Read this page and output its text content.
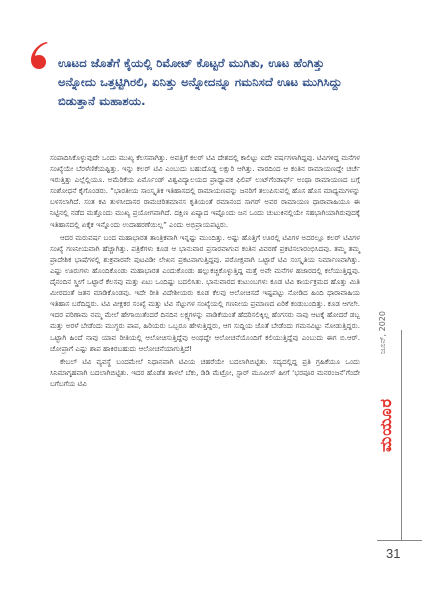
ಊಟದ ಜೊತೆಗೆ ಕೈಯಲ್ಲಿ ರಿಮೋಟ್ ಕೊಟ್ಟರೆ ಮುಗಿತು, ಊಟ ಹೆಂಗಿತ್ತು ಅನ್ನೋದು ಒತ್ತಟ್ಟಿಗಿರಲಿ, ಏನಿತ್ತು ಅನ್ನೋದನ್ನೂ ಗಮನಿಸದೆ ಊಟ ಮುಗಿಸಿದ್ದು ಬಿಡುತ್ತಾನೆ ಮಹಾಶಯ.

ಸಂಪಾದಿಸಿಕೊಳ್ಳುವುದೇ ಒಂದು ಮುಖ್ಯ ಕೆಲಸವಾಗಿತ್ತು. ಅವತ್ತಿಗೆ ಕಲರ್ ಟಿವಿ ದೇಶದಲ್ಲಿ ಕಾಲಿಟ್ಟು ಐದೇ ವರ್ಷಗಳಾಗಿದ್ದವು. ಟಿವಿಗಳಿದ್ದ ಮನೆಗಳ ಸಂಖ್ಯೆಯೇ ಬೆರಳೆಣಿಕೆಯಷ್ಟಿತ್ತು. ಇನ್ನು ಕಲರ್ ಟಿವಿ ಎಂಬುದು ಬಹುದೊಡ್ಡ ಲಕ್ಷುರಿ ಆಗಿತ್ತು. ವಾರದಿಂದ ಆ ಕಂತಿನ ರಾಮಾಯಣದ್ದೇ ಚರ್ಚೆ ಇರುತ್ತಿತ್ತು ಎಲ್ಲೆಲ್ಲಿಯೂ. ಅಮೆರಿಕೆಯ ಏರ್ಮೊಂಡ್ ವಿಶ್ವವಿದ್ಯಾಲಯದ ಪ್ರಾಧ್ಯಾಪಕ ಫಿಲಿಪ್ ಲುಟ್‌ಗೆಂಡಾರ್ಫ್ ಅಂಥಾ ರಾಮಾಯಣದ ಬಗ್ಗೆ ಸಂಶೋಧನೆ ಕೈಗೊಂಡರು. “ಭಾರತೀಯ ಸಾಂಸ್ಕೃತಿಕ ಇತಿಹಾಸದಲ್ಲಿ ರಾಮಾಯಣವನ್ನು ಜನರಿಗೆ ತಲುಪಿಸುವಲ್ಲಿ ಹೊಸ ಹೊಸ ಮಾಧ್ಯಮಗಳನ್ನು ಬಳಸಲಾಗಿದೆ. ಸಂತ ಕವಿ ತುಳಸೀದಾಸರ ರಾಮಚರಿತಮಾನಸ ಕೃತಿಯಂತೆ ರಮಾನಂದ ಸಾಗರ್ ಅವರ ರಾಮಾಯಣ ಧಾರಾವಾಹಿಯೂ ಈ ನಿಟ್ಟಿನಲ್ಲಿ ನಡೆದ ಮತ್ತೊಂದು ಮುಖ್ಯ ಪ್ರಯೋಗವಾಗಿದೆ. ದಕ್ಷಿಣ ಏಷ್ಯಾದ ಇಷ್ಟೊಂದು ಜನ ಒಂದು ಚುಟುಕಿನಲ್ಲಿಯೇ ಸಹಭಾಗಿಯಾಗಿರುವುದಕ್ಕೆ ಇತಿಹಾಸದಲ್ಲಿ ಏಕೈಕ ಇನ್ನೊಂದು ಉದಾಹರಣೆಯಿಲ್ಲ” ಎಂದು ಅಭಿಪ್ರಾಯಪಟ್ಟರು.

ಆದರ ಮರುವರ್ಷ ಬಂದ ಮಹಾಭಾರತ ತಾಂತ್ರಿಕವಾಗಿ ಇನ್ನಷ್ಟು ಮುಂದಿತ್ತು. ಅಷ್ಟು ಹೊತ್ತಿಗೆ ಊರಲ್ಲಿ ಟಿವಿಗಳ ಅದರಲ್ಲೂ ಕಲರ್ ಟಿವಿಗಳ ಸಂಖ್ಯೆ ಗಣನೀಯವಾಗಿ ಹೆಚ್ಚಾಗಿತ್ತು. ಪತ್ರಿಕೆಗಳು ಕೂಡ ಆ ಭಾನುವಾರ ಪ್ರಸಾರವಾಗುವ ಕಂತಿನ ವಿವರಣೆ ಪ್ರಕಟಿಸಲಾರಂಭಿಸಿದವು. ತಮ್ಮ ತಮ್ಮ ಪ್ರಾದೇಶಿಕ ಭಾಷೆಗಳಲ್ಲಿ ಶುಕ್ರವಾರವೇ ಪುಟವಿಡೀ ಲೇಖನ ಪ್ರಕಟವಾಗುತ್ತಿದ್ದವು. ಪರೋಕ್ಷವಾಗಿ ಒಟ್ಟಾರೆ ಟಿವಿ ಸಂಸ್ಕೃತಿಯ ನಿರ್ಮಾಣವಾಗಿತ್ತು. ಎಷ್ಟು ಊರುಗಳು ಹೊಂದಿಕೊಂಡು ಮಹಾಭಾರತ ಎಂದುಕೊಂಡು ಹಲ್ಲುಕಚ್ಚಿಕೊಳ್ಳುತ್ತಿದ್ದ ಮತ್ತೆ ಅವೇ ಮನೆಗಳ ಹಜಾರದಲ್ಲಿ ಕಲೆಯುತ್ತಿದ್ದವು. ದೈನಂದಿನ ಸ್ತ್ರೀಗೆ ಒಟ್ಟಾರೆ ಕೆಲಸವು ಮತ್ತು ಏಟು ಒಂದಿಷ್ಟು ಬದಲಿಸಿತು. ಭಾನುವಾರದ ಕುಟುಂಬಗಳು ಕೂಡ ಟಿವಿ ಕಾರ್ಯಕ್ರಮದ ಹೊತ್ತು ಮಿತಿ ಮೀರದಂತೆ ಜತನ ಮಾಡಿಕೊಂಡವು. ಇದೇ ರೀತಿ ವಿದೇಶೀಯರು ಕೂಡ ಕೆಲವು ಆಲೋಚಿಸದೆ ಇಷ್ಟಪಟ್ಟು ನೋಡಿದ ಹಿಂದಿ ಧಾರಾವಾಹಿಯ ಇತಿಹಾಸ ಬರೆದಿದ್ದರು. ಟಿವಿ ವೀಕ್ಷಕರ ಸಂಖ್ಯೆ ಮತ್ತು ಟಿವಿ ಸೆಟ್ಟುಗಳ ಸಂಖ್ಯೆಯಲ್ಲಿ ಗಣನೀಯ ಪ್ರಮಾಣದ ಏರಿಕೆ ಕಂಡುಬಂದಿತ್ತು. ಕೂಡ ಆಗಲೇ. ಇದರ ಪರಿಣಾಮ ನಮ್ಮ ಮೇಲೆ ಹೇಗಾಯಿತೆಂದರೆ ದಿನದಿನ ಲಕ್ಷ್ಯಗಳನ್ನು ವಾಡಿಕೆಯಂತೆ ಹೆದರಿಸಲಿಕ್ಕಿಲ್ಲ ಹೆಂಗಸರು ನಾವು ಆಟಕ್ಕೆ ಹೋದರೆ ಡಬ್ಬ ಮತ್ತು ಅರಳೆ ಬೇಡೆಂದು ಮುಗ್ಧರು ಪಾಪ, ಹಿರಿಯರು ಒಬ್ಬರೂ ಹೇಳುತ್ತಿದ್ದರು, ಆಗ ಸುದ್ದಿಯ ಜೊತೆ ಬೇಡೆಂದು ಗಮನವಿಟ್ಟು ನೋಡುತ್ತಿದ್ದರು. ಒಟ್ಟಾಗಿ ಹಿಂದೆ ನಾವು ಯಾವ ರೀತಿಯಲ್ಲಿ ಆಲೋಚಿಸುತ್ತಿದ್ದೆವು ಅಂಥದ್ದೇ ಆಲೋಚನೆಯೊಂದಿಗೆ ಕಲಿಯುತ್ತಿದ್ದೆವು ಎಂಬುದು ಈಗ ಬಿ.ಆರ್. ಚೋಪ್ರಾಗೆ ಎಷ್ಟು ಶಾಪ ಹಾಕಿರಬಹುದು ಆಲೋಚನೆಯಾಗುತ್ತಿದೆ!

ಕೇಬಲ್ ಟಿವಿ ವ್ಯವಸ್ಥೆ ಬಂದಮೇಲೆ ನಿಧಾನವಾಗಿ ಟಿವಿಯ ಚಹರೆಯೇ ಬದಲಾಗಿಬಿಟ್ಟಿತು. ಸದ್ಯದಲ್ಲಿದ್ದ ಪ್ರತಿ ಗ್ರಹಿಕೆಯೂ ಒಂದು ಸಿನಿಮಾಗೃಹವಾಗಿ ಬದಲಾಗಿಬಿಟ್ಟಿತು. ಇದರ ಹೊಡೆತ ತಾಳಲೆ ಬೆಕು, ಡಿಡಿ ಮೆಟ್ರೋ, ಸ್ಟಾರ್ ಮೂವೀಸ್ ಹೀಗೆ ‘ಭರಪೂರ ಮನರಂಜನೆ’ಗೆಂದೇ ಬಗೆಬಗೆಯ ಟಿವಿ

ಜೂನ್, 2020
ಮಯೂರ
31
